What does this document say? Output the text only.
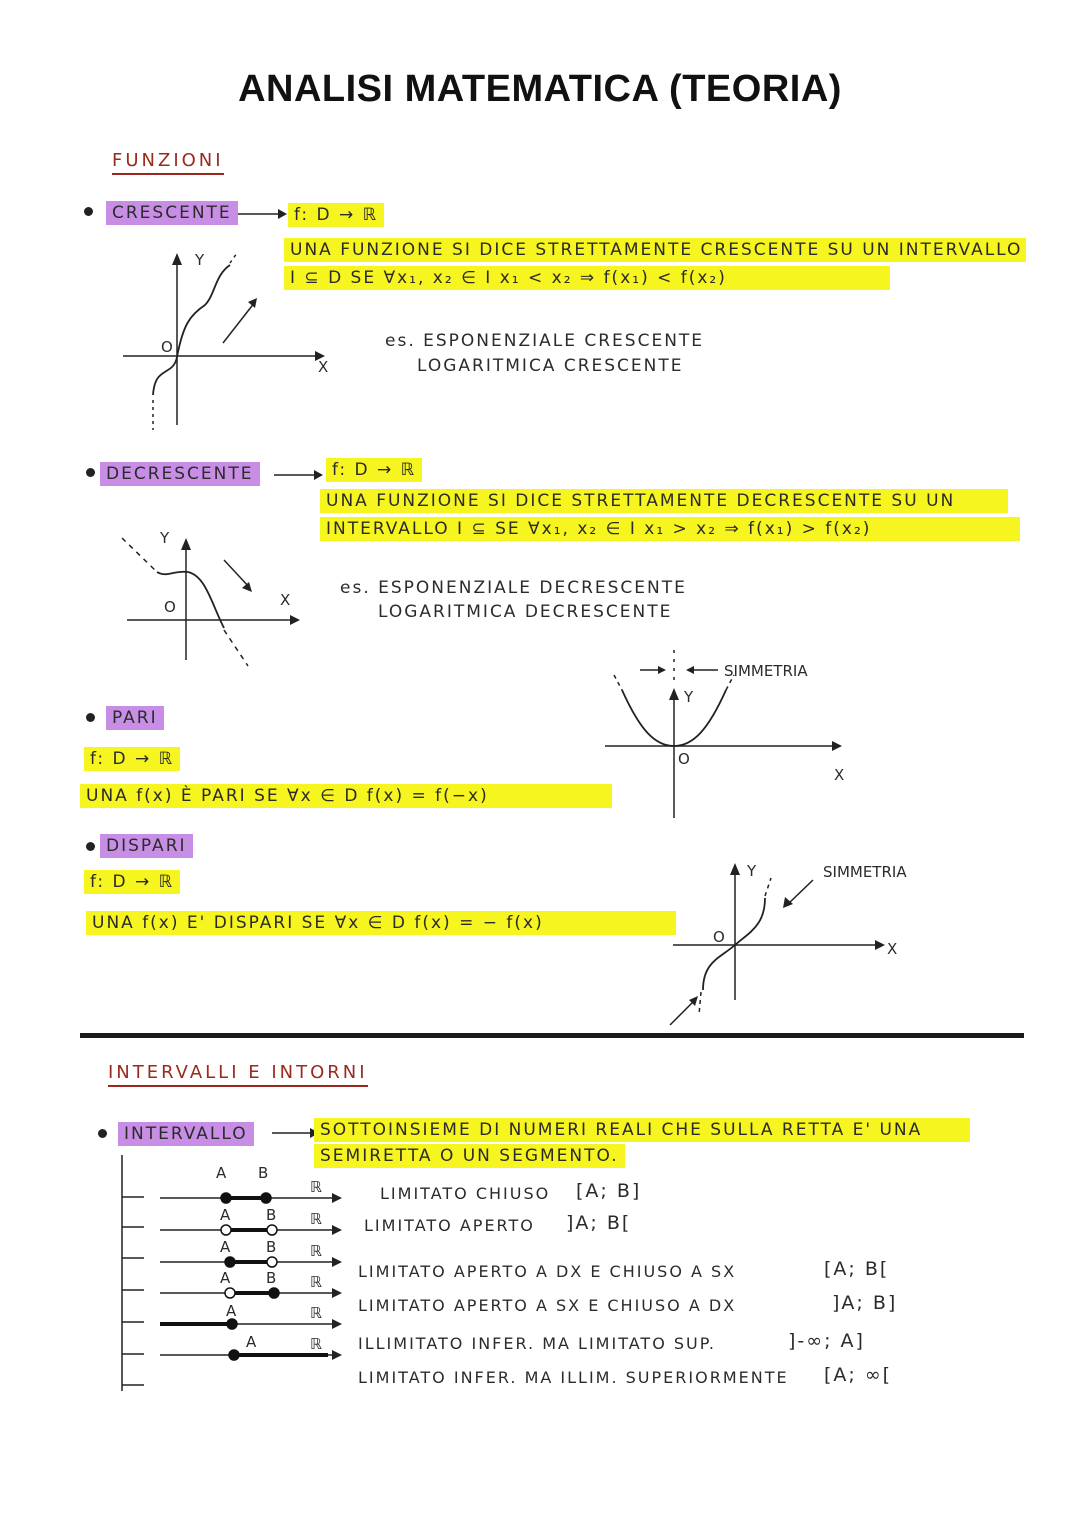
ANALISI MATEMATICA (TEORIA)
FUNZIONI
CRESCENTE	f: D → ℝ
UNA FUNZIONE SI DICE STRETTAMENTE CRESCENTE SU UN INTERVALLO
I ⊆ D SE ∀x₁, x₂ ∈ I x₁ < x₂ ⇒ f(x₁) < f(x₂)
Y
X
O	es. ESPONENZIALE CRESCENTE
LOGARITMICA CRESCENTE
DECRESCENTE	f: D → ℝ
UNA FUNZIONE SI DICE STRETTAMENTE DECRESCENTE SU UN
INTERVALLO I ⊆ SE ∀x₁, x₂ ∈ I x₁ > x₂ ⇒ f(x₁) > f(x₂)
Y
X
O
es. ESPONENZIALE DECRESCENTE
LOGARITMICA DECRESCENTE
PARI
f: D → ℝ
UNA f(x) È PARI SE ∀x ∈ D f(x) = f(−x)
SIMMETRIA
Y
X
O
DISPARI
f: D → ℝ
UNA f(x) E' DISPARI SE ∀x ∈ D f(x) = − f(x)
Y	SIMMETRIA
X
O
INTERVALLI E INTORNI
INTERVALLO	SOTTOINSIEME DI NUMERI REALI CHE SULLA RETTA E' UNA
SEMIRETTA O UN SEGMENTO.
A B
ℝ
ℝ
A B
ℝ
A B
ℝ
A B
ℝ
A
ℝ
A
LIMITATO CHIUSO [A; B]
LIMITATO APERTO ]A; B[
LIMITATO APERTO A DX E CHIUSO A SX	[A; B[
LIMITATO APERTO A SX E CHIUSO A DX	]A; B]
ILLIMITATO INFER. MA LIMITATO SUP.	]-∞; A]
LIMITATO INFER. MA ILLIM. SUPERIORMENTE [A; ∞[
